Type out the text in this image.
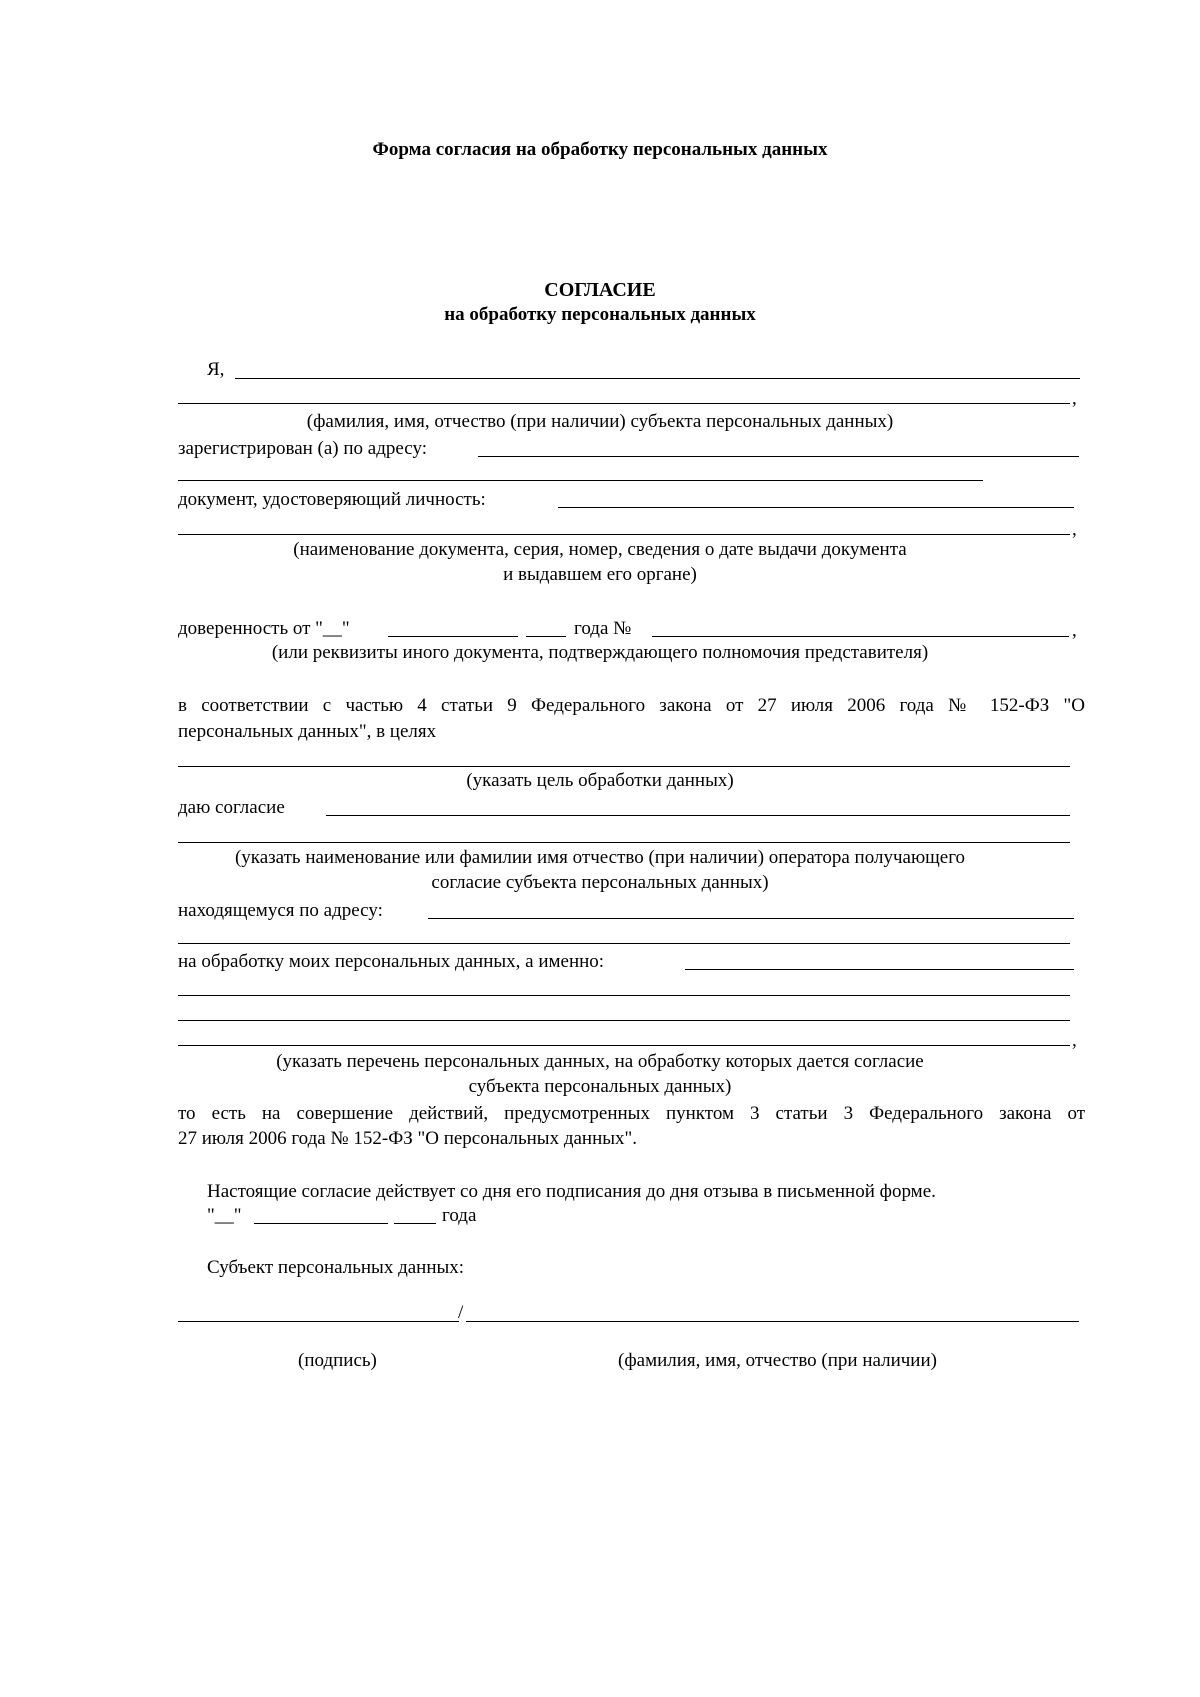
Форма согласия на обработку персональных данных
СОГЛАСИЕ
на обработку персональных данных
Я,
,
(фамилия, имя, отчество (при наличии) субъекта персональных данных)
зарегистрирован (а) по адресу:
документ, удостоверяющий личность:
,
(наименование документа, серия, номер, сведения о дате выдачи документа
и выдавшем его органе)
доверенность от "__"	года №	,
(или реквизиты иного документа, подтверждающего полномочия представителя)
в соответствии с частью 4 статьи 9 Федерального закона от 27 июля 2006 года № 152-ФЗ "О
персональных данных", в целях
(указать цель обработки данных)
даю согласие
(указать наименование или фамилии имя отчество (при наличии) оператора получающего
согласие субъекта персональных данных)
находящемуся по адресу:
на обработку моих персональных данных, а именно:
,
(указать перечень персональных данных, на обработку которых дается согласие
субъекта персональных данных)
то есть на совершение действий, предусмотренных пунктом 3 статьи 3 Федерального закона от
27 июля 2006 года № 152-ФЗ "О персональных данных".
Настоящие согласие действует со дня его подписания до дня отзыва в письменной форме.
"__"	года
Субъект персональных данных:
/
(подпись)	(фамилия, имя, отчество (при наличии)
